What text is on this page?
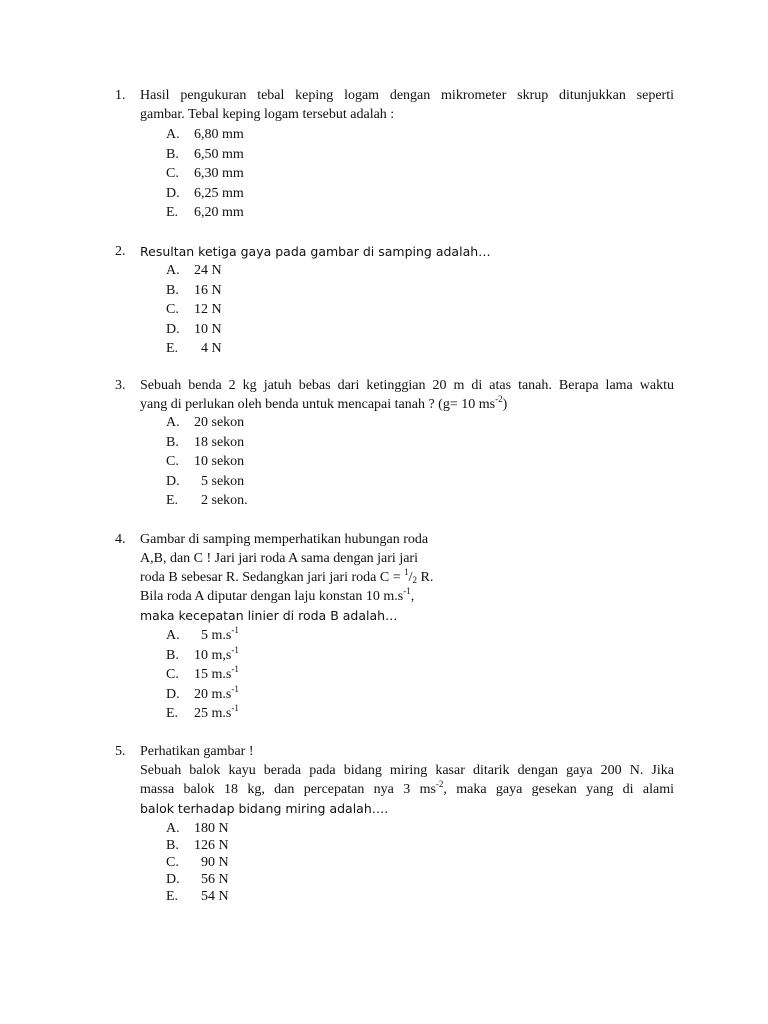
1. Hasil pengukuran tebal keping logam dengan mikrometer skrup ditunjukkan seperti
gambar. Tebal keping logam tersebut adalah :
A. 6,80 mm
B. 6,50 mm
C. 6,30 mm
D. 6,25 mm
E. 6,20 mm
2. Resultan ketiga gaya pada gambar di samping adalah…
A. 24 N
B. 16 N
C. 12 N
D. 10 N
E. 4 N
3. Sebuah benda 2 kg jatuh bebas dari ketinggian 20 m di atas tanah. Berapa lama waktu
yang di perlukan oleh benda untuk mencapai tanah ? (g= 10 $ms^{-2}$)
A. 20 sekon
B. 18 sekon
C. 10 sekon
D. 5 sekon
E. 2 sekon.
4. Gambar di samping memperhatikan hubungan roda
A,B, dan C ! Jari jari roda A sama dengan jari jari
roda B sebesar R. Sedangkan jari jari roda $C = ^1/_2$ R.
Bila roda A diputar dengan laju konstan 10 $m.s^{-1}$,
maka kecepatan linier di roda B adalah…
A. 5 $m.s^{-1}$
B. 10 $m,s^{-1}$
C. 15 $m.s^{-1}$
D. 20 $m.s^{-1}$
E. 25 $m.s^{-1}$
5. Perhatikan gambar !
Sebuah balok kayu berada pada bidang miring kasar ditarik dengan gaya 200 N. Jika
massa balok 18 kg, dan percepatan nya 3 $ms^{-2}$, maka gaya gesekan yang di alami
balok terhadap bidang miring adalah….
A. 180 N
B. 126 N
C. 90 N
D. 56 N
E. 54 N
